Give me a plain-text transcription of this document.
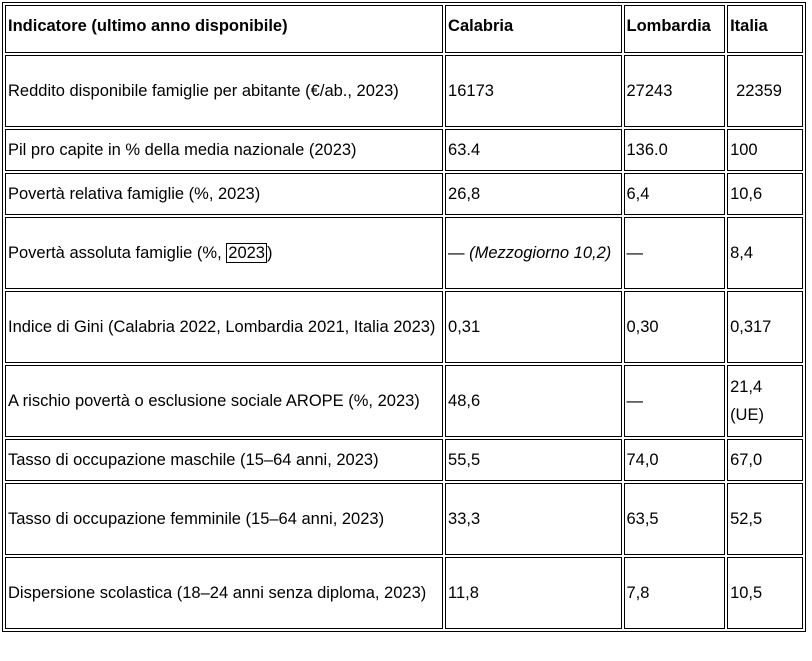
Indicatore (ultimo anno disponibile)	Calabria	Lombardia	Italia
Reddito disponibile famiglie per abitante (€/ab., 2023)	16173	27243	22359
Pil pro capite in % della media nazionale (2023)	63.4	136.0	100
Povertà relativa famiglie (%, 2023)	26,8	6,4	10,6
Povertà assoluta famiglie (%, 2023 )	— (Mezzogiorno 10,2)	—	8,4
Indice di Gini (Calabria 2022, Lombardia 2021, Italia 2023)	0,31	0,30	0,317
A rischio povertà o esclusione sociale AROPE (%, 2023)	48,6	—	21,4 (UE)
Tasso di occupazione maschile (15–64 anni, 2023)	55,5	74,0	67,0
Tasso di occupazione femminile (15–64 anni, 2023)	33,3	63,5	52,5
Dispersione scolastica (18–24 anni senza diploma, 2023)	11,8	7,8	10,5
